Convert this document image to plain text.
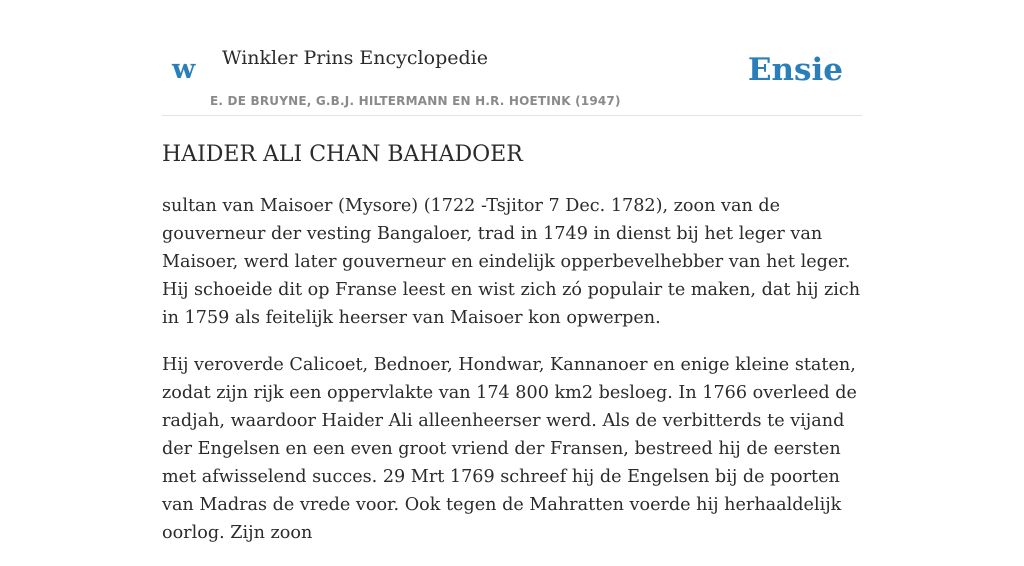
w Winkler Prins Encyclopedie	Ensie
E. DE BRUYNE, G.B.J. HILTERMANN EN H.R. HOETINK (1947)
HAIDER ALI CHAN BAHADOER

sultan van Maisoer (Mysore) (1722 -Tsjitor 7 Dec. 1782), zoon van de gouverneur der vesting Bangaloer, trad in 1749 in dienst bij het leger van Maisoer, werd later gouverneur en eindelijk opperbevelhebber van het leger. Hij schoeide dit op Franse leest en wist zich zó populair te maken, dat hij zich in 1759 als feitelijk heerser van Maisoer kon opwerpen.

Hij veroverde Calicoet, Bednoer, Hondwar, Kannanoer en enige kleine staten, zodat zijn rijk een oppervlakte van 174 800 km2 besloeg. In 1766 overleed de radjah, waardoor Haider Ali alleenheerser werd. Als de verbitterds te vijand der Engelsen en een even groot vriend der Fransen, bestreed hij de eersten met afwisselend succes. 29 Mrt 1769 schreef hij de Engelsen bij de poorten van Madras de vrede voor. Ook tegen de Mahratten voerde hij herhaaldelijk oorlog. Zijn zoon
